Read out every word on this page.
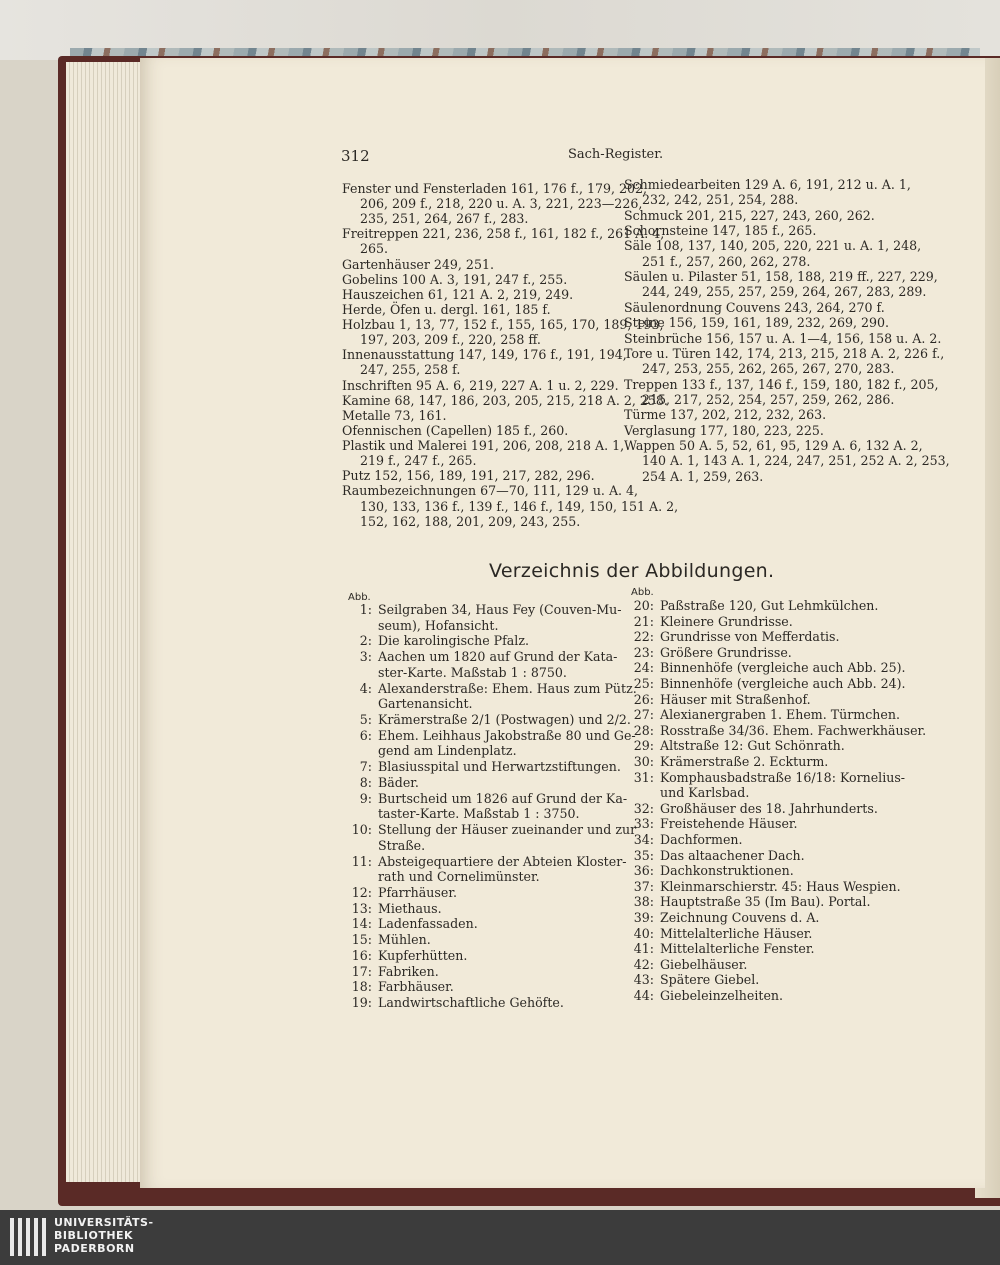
312	Sach-Register.
Fenster und Fensterladen 161, 176 f., 179, 202,
206, 209 f., 218, 220 u. A. 3, 221, 223—226,
235, 251, 264, 267 f., 283.
Freitreppen 221, 236, 258 f., 161, 182 f., 261 A. 4,
265.
Gartenhäuser 249, 251.
Gobelins 100 A. 3, 191, 247 f., 255.
Hauszeichen 61, 121 A. 2, 219, 249.
Herde, Öfen u. dergl. 161, 185 f.
Holzbau 1, 13, 77, 152 f., 155, 165, 170, 189, 193,
197, 203, 209 f., 220, 258 ff.
Innenausstattung 147, 149, 176 f., 191, 194,
247, 255, 258 f.
Inschriften 95 A. 6, 219, 227 A. 1 u. 2, 229.
Kamine 68, 147, 186, 203, 205, 215, 218 A. 2, 258.
Metalle 73, 161.
Ofennischen (Capellen) 185 f., 260.
Plastik und Malerei 191, 206, 208, 218 A. 1,
219 f., 247 f., 265.
Putz 152, 156, 189, 191, 217, 282, 296.
Raumbezeichnungen 67—70, 111, 129 u. A. 4,
130, 133, 136 f., 139 f., 146 f., 149, 150, 151 A. 2,
152, 162, 188, 201, 209, 243, 255.
Schmiedearbeiten 129 A. 6, 191, 212 u. A. 1,
232, 242, 251, 254, 288.
Schmuck 201, 215, 227, 243, 260, 262.
Schornsteine 147, 185 f., 265.
Säle 108, 137, 140, 205, 220, 221 u. A. 1, 248,
251 f., 257, 260, 262, 278.
Säulen u. Pilaster 51, 158, 188, 219 ff., 227, 229,
244, 249, 255, 257, 259, 264, 267, 283, 289.
Säulenordnung Couvens 243, 264, 270 f.
Steine 156, 159, 161, 189, 232, 269, 290.
Steinbrüche 156, 157 u. A. 1—4, 156, 158 u. A. 2.
Tore u. Türen 142, 174, 213, 215, 218 A. 2, 226 f.,
247, 253, 255, 262, 265, 267, 270, 283.
Treppen 133 f., 137, 146 f., 159, 180, 182 f., 205,
215, 217, 252, 254, 257, 259, 262, 286.
Türme 137, 202, 212, 232, 263.
Verglasung 177, 180, 223, 225.
Wappen 50 A. 5, 52, 61, 95, 129 A. 6, 132 A. 2,
140 A. 1, 143 A. 1, 224, 247, 251, 252 A. 2, 253,
254 A. 1, 259, 263.
Verzeichnis der Abbildungen.
Abb.	Abb.
1: Seilgraben 34, Haus Fey (Couven-Mu-
seum), Hofansicht.
2: Die karolingische Pfalz.
3: Aachen um 1820 auf Grund der Kata-
ster-Karte. Maßstab 1 : 8750.
4: Alexanderstraße: Ehem. Haus zum Pütz.
Gartenansicht.
5: Krämerstraße 2/1 (Postwagen) und 2/2.
6: Ehem. Leihhaus Jakobstraße 80 und Ge-
gend am Lindenplatz.
7: Blasiusspital und Herwartzstiftungen.
8: Bäder.
9: Burtscheid um 1826 auf Grund der Ka-
taster-Karte. Maßstab 1 : 3750.
10: Stellung der Häuser zueinander und zur
Straße.
11: Absteigequartiere der Abteien Kloster-
rath und Cornelimünster.
12: Pfarrhäuser.
13: Miethaus.
14: Ladenfassaden.
15: Mühlen.
16: Kupferhütten.
17: Fabriken.
18: Farbhäuser.
19: Landwirtschaftliche Gehöfte.
20: Paßstraße 120, Gut Lehmkülchen.
21: Kleinere Grundrisse.
22: Grundrisse von Mefferdatis.
23: Größere Grundrisse.
24: Binnenhöfe (vergleiche auch Abb. 25).
25: Binnenhöfe (vergleiche auch Abb. 24).
26: Häuser mit Straßenhof.
27: Alexianergraben 1. Ehem. Türmchen.
28: Rosstraße 34/36. Ehem. Fachwerkhäuser.
29: Altstraße 12: Gut Schönrath.
30: Krämerstraße 2. Eckturm.
31: Komphausbadstraße 16/18: Kornelius-
und Karlsbad.
32: Großhäuser des 18. Jahrhunderts.
33: Freistehende Häuser.
34: Dachformen.
35: Das altaachener Dach.
36: Dachkonstruktionen.
37: Kleinmarschierstr. 45: Haus Wespien.
38: Hauptstraße 35 (Im Bau). Portal.
39: Zeichnung Couvens d. A.
40: Mittelalterliche Häuser.
41: Mittelalterliche Fenster.
42: Giebelhäuser.
43: Spätere Giebel.
44: Giebeleinzelheiten.
UNIVERSITÄTS-
BIBLIOTHEK
PADERBORN
